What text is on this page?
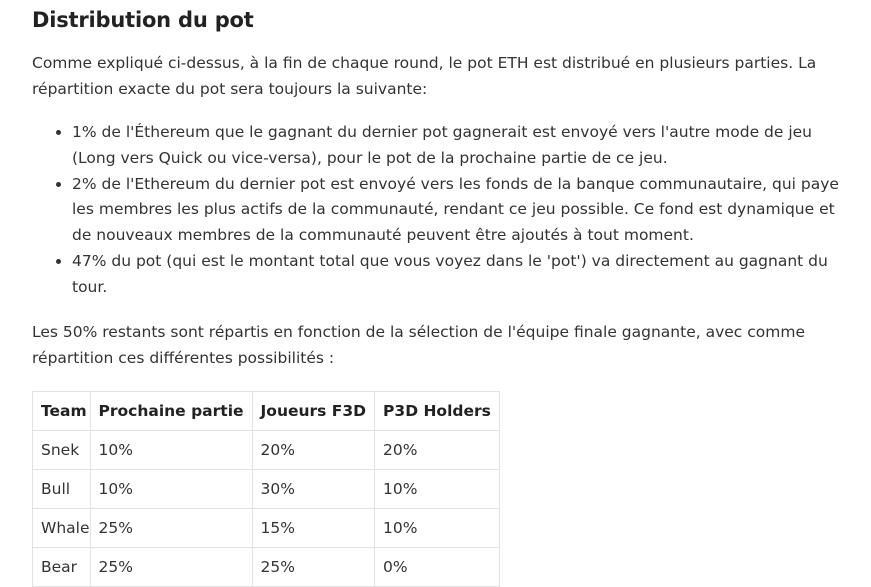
Distribution du pot

Comme expliqué ci-dessus, à la fin de chaque round, le pot ETH est distribué en plusieurs parties. La répartition exacte du pot sera toujours la suivante:

• 1% de l'Éthereum que le gagnant du dernier pot gagnerait est envoyé vers l'autre mode de jeu (Long vers Quick ou vice-versa), pour le pot de la prochaine partie de ce jeu.
• 2% de l'Ethereum du dernier pot est envoyé vers les fonds de la banque communautaire, qui paye les membres les plus actifs de la communauté, rendant ce jeu possible. Ce fond est dynamique et de nouveaux membres de la communauté peuvent être ajoutés à tout moment.
• 47% du pot (qui est le montant total que vous voyez dans le 'pot') va directement au gagnant du tour.

Les 50% restants sont répartis en fonction de la sélection de l'équipe finale gagnante, avec comme répartition ces différentes possibilités :

Team	Prochaine partie	Joueurs F3D	P3D Holders
Snek	10%	20%	20%
Bull	10%	30%	10%
Whale	25%	15%	10%
Bear	25%	25%	0%
